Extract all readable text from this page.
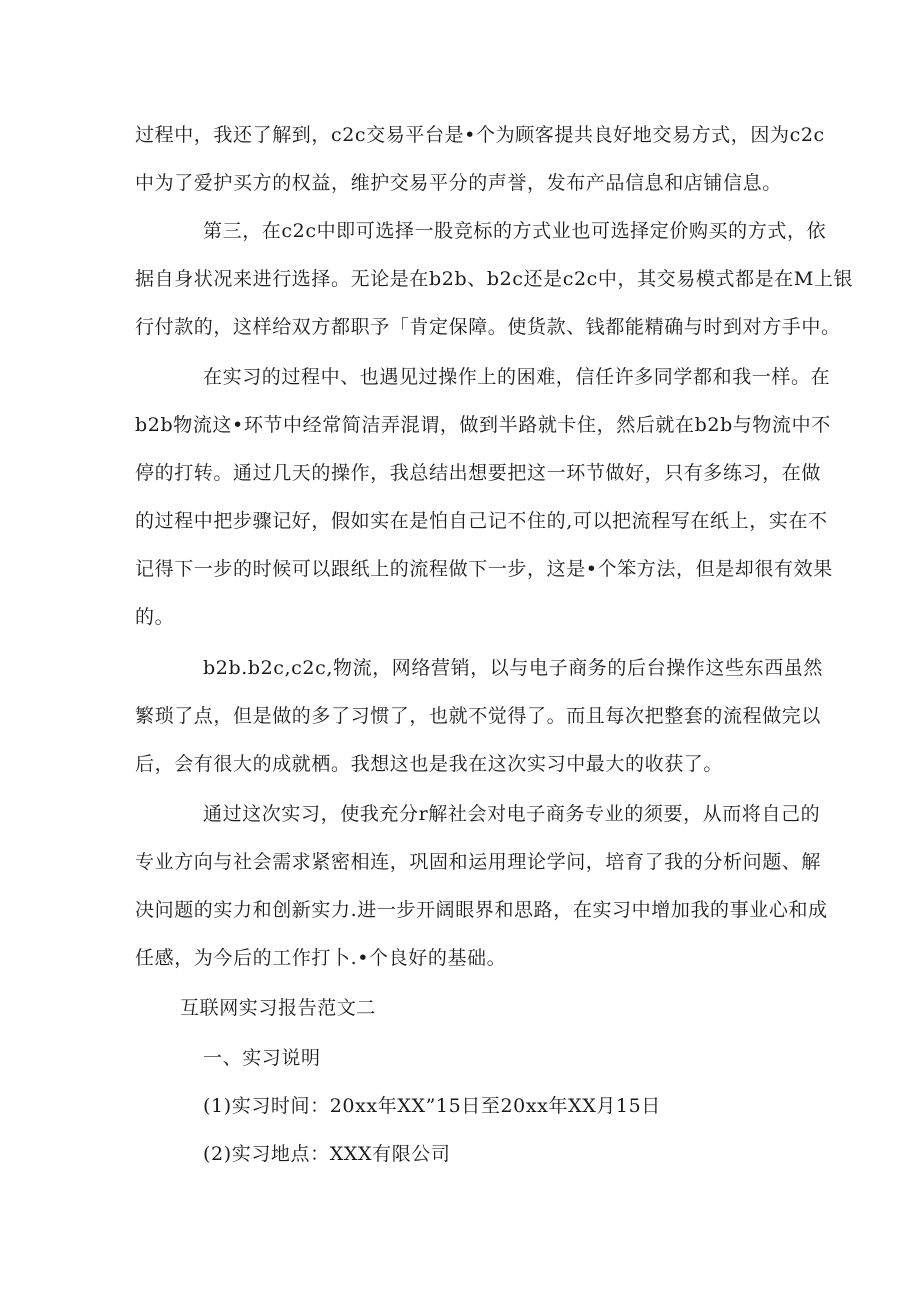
过程中，我还了解到，c2c交易平台是•个为顾客提共良好地交易方式，因为c2c
中为了爱护买方的权益，维护交易平分的声誉，发布产品信息和店铺信息。
第三，在c2c中即可选择一股竞标的方式业也可选择定价购买的方式，依
据自身状况来进行选择。无论是在b2b、b2c还是c2c中，其交易模式都是在M上银
行付款的，这样给双方都职予「肯定保障。使货款、钱都能精确与时到对方手中。
在实习的过程中、也遇见过操作上的困难，信任许多同学都和我一样。在
b2b物流这•环节中经常简洁弄混谓，做到半路就卡住，然后就在b2b与物流中不
停的打转。通过几天的操作，我总结出想要把这一环节做好，只有多练习，在做
的过程中把步骤记好，假如实在是怕自己记不住的,可以把流程写在纸上，实在不
记得下一步的时候可以跟纸上的流程做下一步，这是•个笨方法，但是却很有效果
的。
b2b.b2c,c2c,物流，网络营销，以与电子商务的后台操作这些东西虽然
繁琐了点，但是做的多了习惯了，也就不觉得了。而且每次把整套的流程做完以
后，会有很大的成就栖。我想这也是我在这次实习中最大的收获了。
通过这次实习，使我充分r解社会对电子商务专业的须要，从而将自己的
专业方向与社会需求紧密相连，巩固和运用理论学问，培育了我的分析问题、解
决问题的实力和创新实力.进一步开阔眼界和思路，在实习中增加我的事业心和成
任感，为今后的工作打卜.•个良好的基础。
互联网实习报告范文二
一、实习说明
(1)实习时间：20xx年XX”15日至20xx年XX月15日
(2)实习地点：XXX有限公司
